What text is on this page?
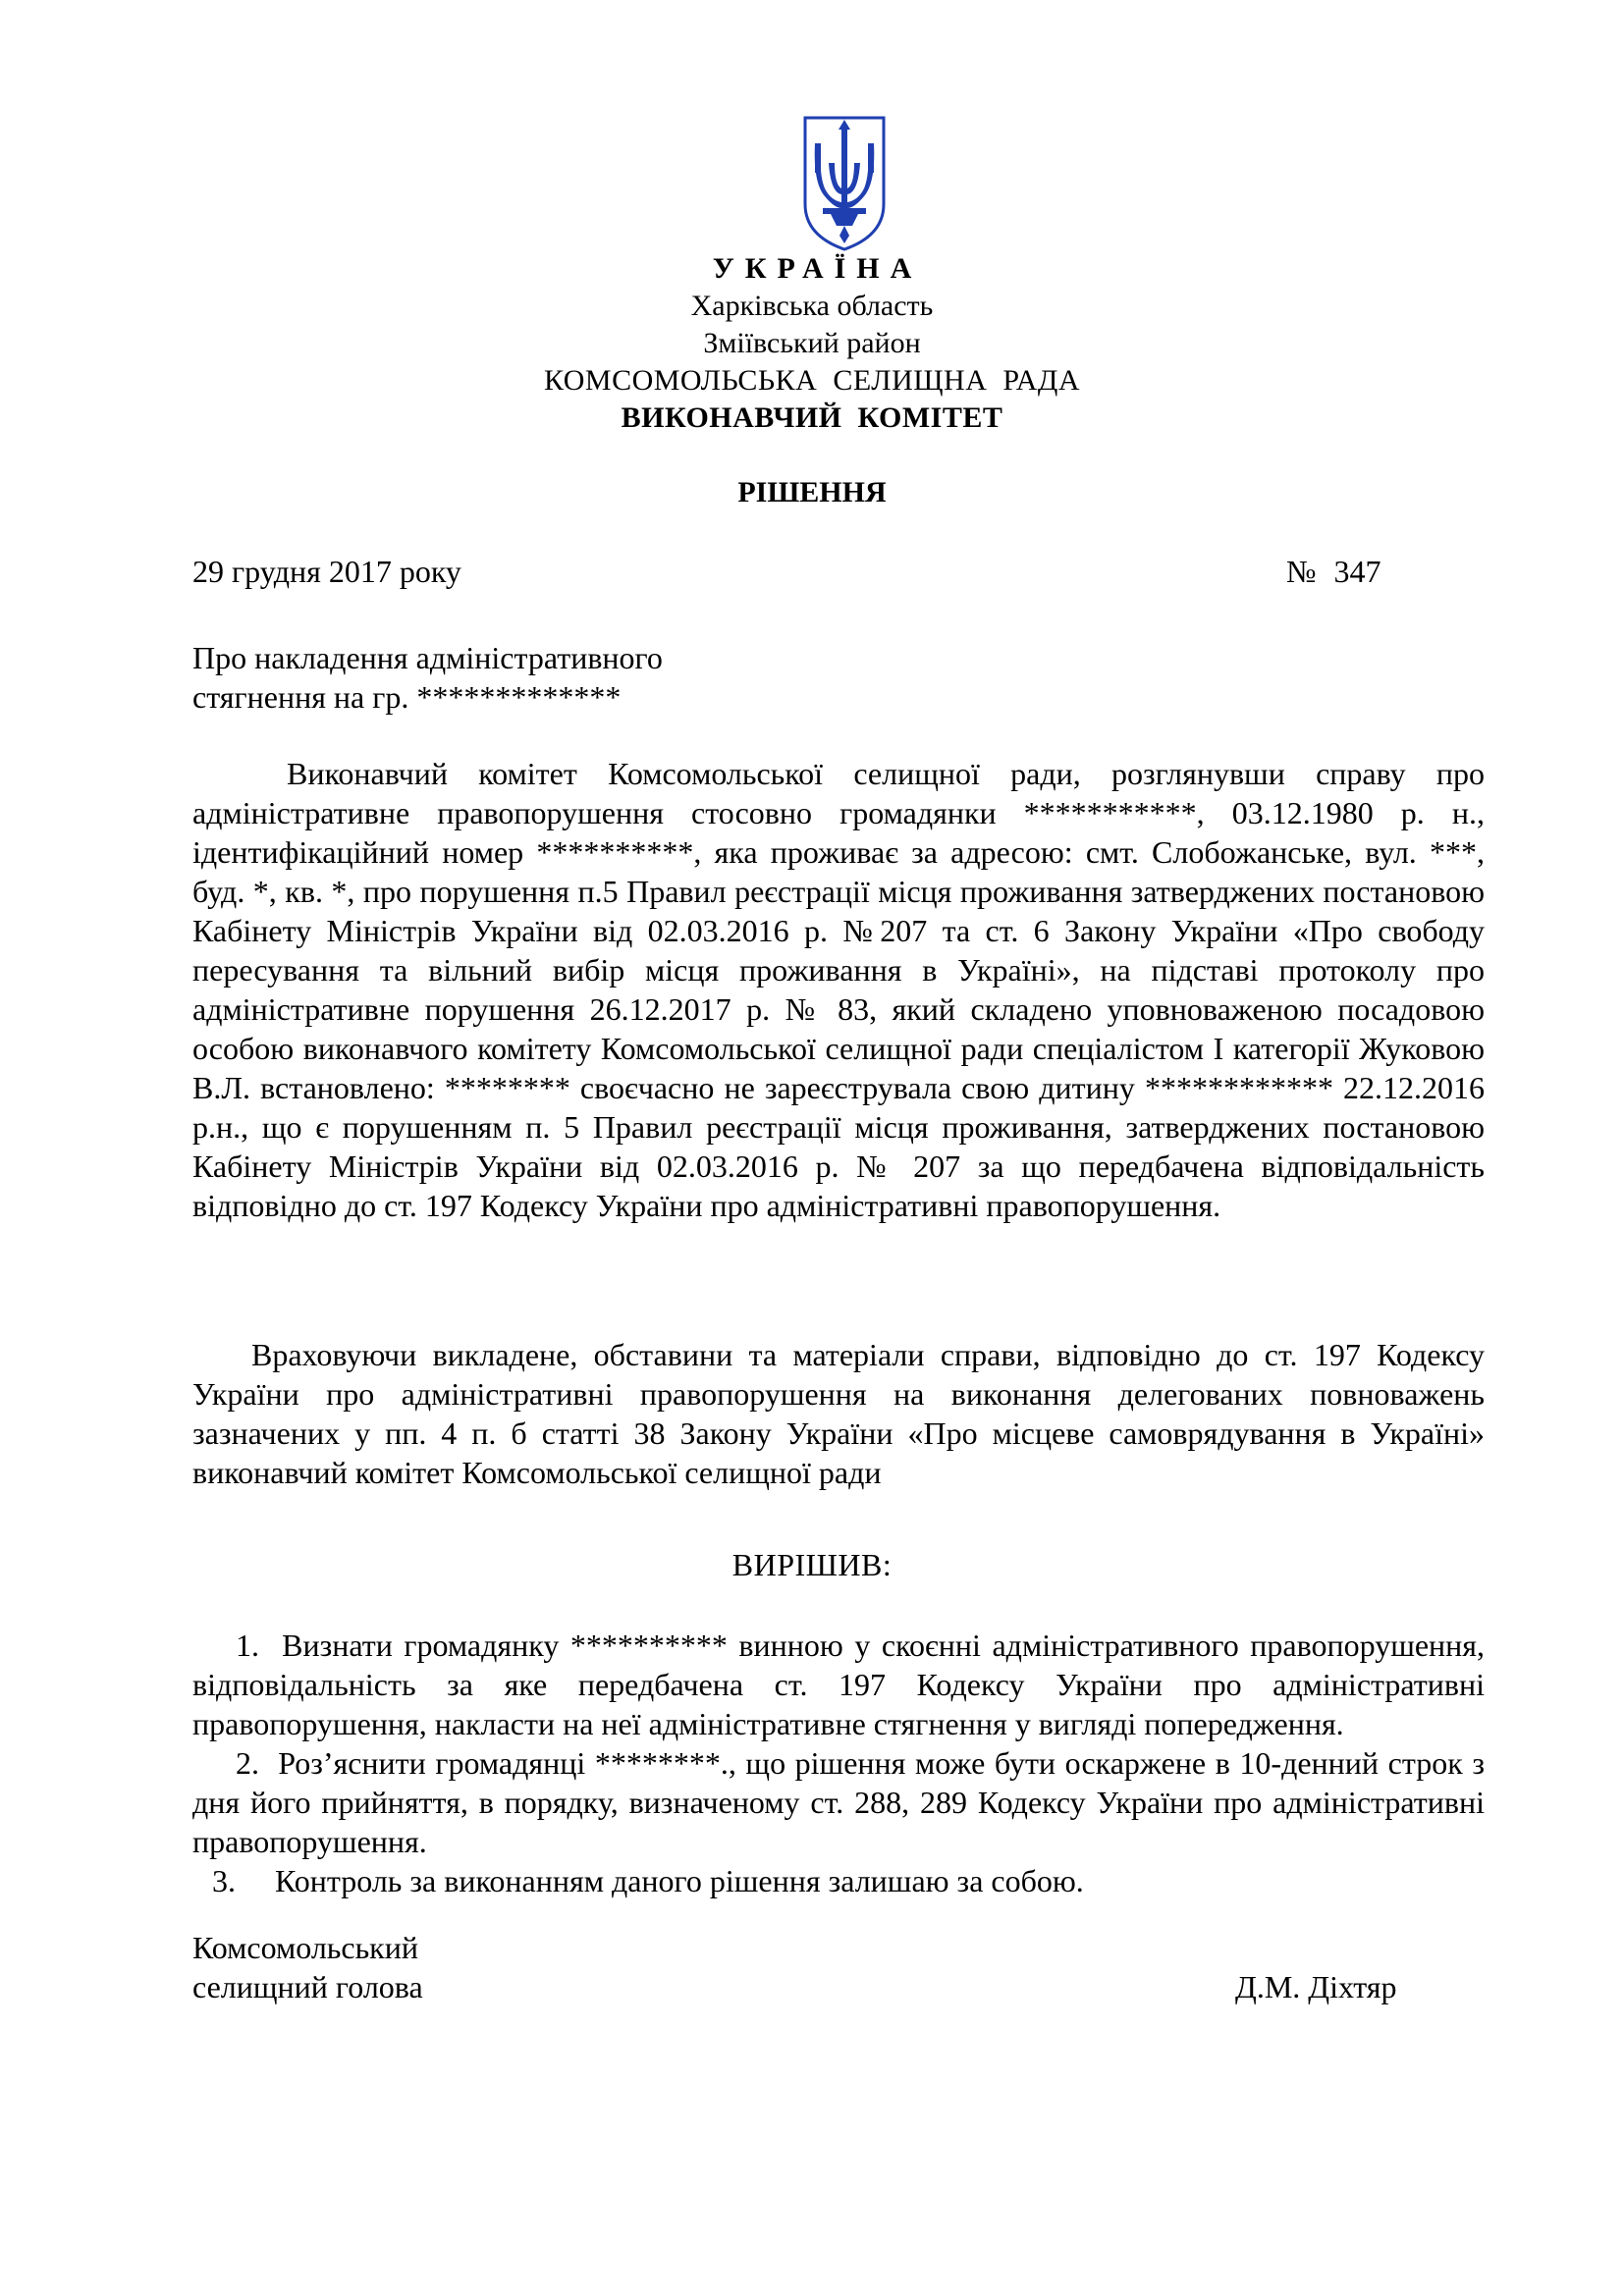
УКРАЇНА
Харківська область
Зміївський район
КОМСОМОЛЬСЬКА  СЕЛИЩНА  РАДА
ВИКОНАВЧИЙ  КОМІТЕТ
РІШЕННЯ
29 грудня 2017 року	№ 347
Про накладення адміністративного
стягнення на гр. *************
Виконавчий комітет Комсомольської селищної ради, розглянувши справу про адміністративне правопорушення стосовно громадянки ***********, 03.12.1980 р. н., ідентифікаційний номер **********, яка проживає за адресою: смт. Слобожанське, вул. ***, буд. *, кв. *, про порушення п.5 Правил реєстрації місця проживання затверджених постановою Кабінету Міністрів України від 02.03.2016 р. №207 та ст. 6 Закону України «Про свободу пересування та вільний вибір місця проживання в Україні», на підставі протоколу про адміністративне порушення 26.12.2017 р. № 83, який складено уповноваженою посадовою особою виконавчого комітету Комсомольської селищної ради спеціалістом І категорії Жуковою В.Л. встановлено: ******** своєчасно не зареєструвала свою дитину ************ 22.12.2016 р.н., що є порушенням п. 5 Правил реєстрації місця проживання, затверджених постановою Кабінету Міністрів України від 02.03.2016 р. № 207 за що передбачена відповідальність відповідно до ст. 197 Кодексу України про адміністративні правопорушення.
Враховуючи викладене, обставини та матеріали справи, відповідно до ст. 197 Кодексу України про адміністративні правопорушення на виконання делегованих повноважень зазначених у пп. 4 п. б статті 38 Закону України «Про місцеве самоврядування в Україні» виконавчий комітет Комсомольської селищної ради
ВИРІШИВ:
1. Визнати громадянку ********** винною у скоєнні адміністративного правопорушення, відповідальність за яке передбачена ст. 197 Кодексу України про адміністративні правопорушення, накласти на неї адміністративне стягнення у вигляді попередження.
2. Роз’яснити громадянці ********., що рішення може бути оскаржене в 10-денний строк з дня його прийняття, в порядку, визначеному ст. 288, 289 Кодексу України про адміністративні правопорушення.
3. Контроль за виконанням даного рішення залишаю за собою.
Комсомольський
селищний голова	Д.М. Діхтяр
